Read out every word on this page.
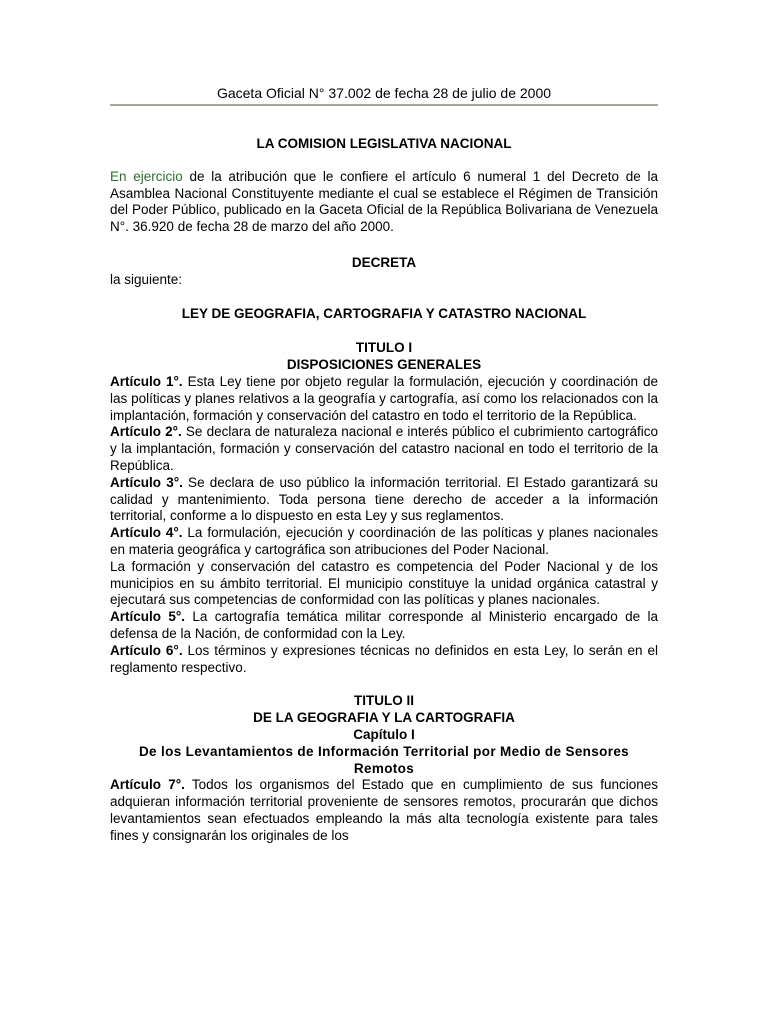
Gaceta Oficial N° 37.002 de fecha 28 de julio de 2000

LA COMISION LEGISLATIVA NACIONAL

En ejercicio de la atribución que le confiere el artículo 6 numeral 1 del Decreto de la Asamblea Nacional Constituyente mediante el cual se establece el Régimen de Transición del Poder Público, publicado en la Gaceta Oficial de la República Bolivariana de Venezuela N°. 36.920 de fecha 28 de marzo del año 2000.

DECRETA

la siguiente:

LEY DE GEOGRAFIA, CARTOGRAFIA Y CATASTRO NACIONAL

TITULO I

DISPOSICIONES GENERALES

Artículo 1°. Esta Ley tiene por objeto regular la formulación, ejecución y coordinación de las políticas y planes relativos a la geografía y cartografía, así como los relacionados con la implantación, formación y conservación del catastro en todo el territorio de la República.

Artículo 2°. Se declara de naturaleza nacional e interés público el cubrimiento cartográfico y la implantación, formación y conservación del catastro nacional en todo el territorio de la República.

Artículo 3°. Se declara de uso público la información territorial. El Estado garantizará su calidad y mantenimiento. Toda persona tiene derecho de acceder a la información territorial, conforme a lo dispuesto en esta Ley y sus reglamentos.

Artículo 4°. La formulación, ejecución y coordinación de las políticas y planes nacionales en materia geográfica y cartográfica son atribuciones del Poder Nacional.

La formación y conservación del catastro es competencia del Poder Nacional y de los municipios en su ámbito territorial. El municipio constituye la unidad orgánica catastral y ejecutará sus competencias de conformidad con las políticas y planes nacionales.

Artículo 5°. La cartografía temática militar corresponde al Ministerio encargado de la defensa de la Nación, de conformidad con la Ley.

Artículo 6°. Los términos y expresiones técnicas no definidos en esta Ley, lo serán en el reglamento respectivo.

TITULO II

DE LA GEOGRAFIA Y LA CARTOGRAFIA

Capítulo I

De los Levantamientos de Información Territorial por Medio de Sensores Remotos

Artículo 7°. Todos los organismos del Estado que en cumplimiento de sus funciones adquieran información territorial proveniente de sensores remotos, procurarán que dichos levantamientos sean efectuados empleando la más alta tecnología existente para tales fines y consignarán los originales de los
